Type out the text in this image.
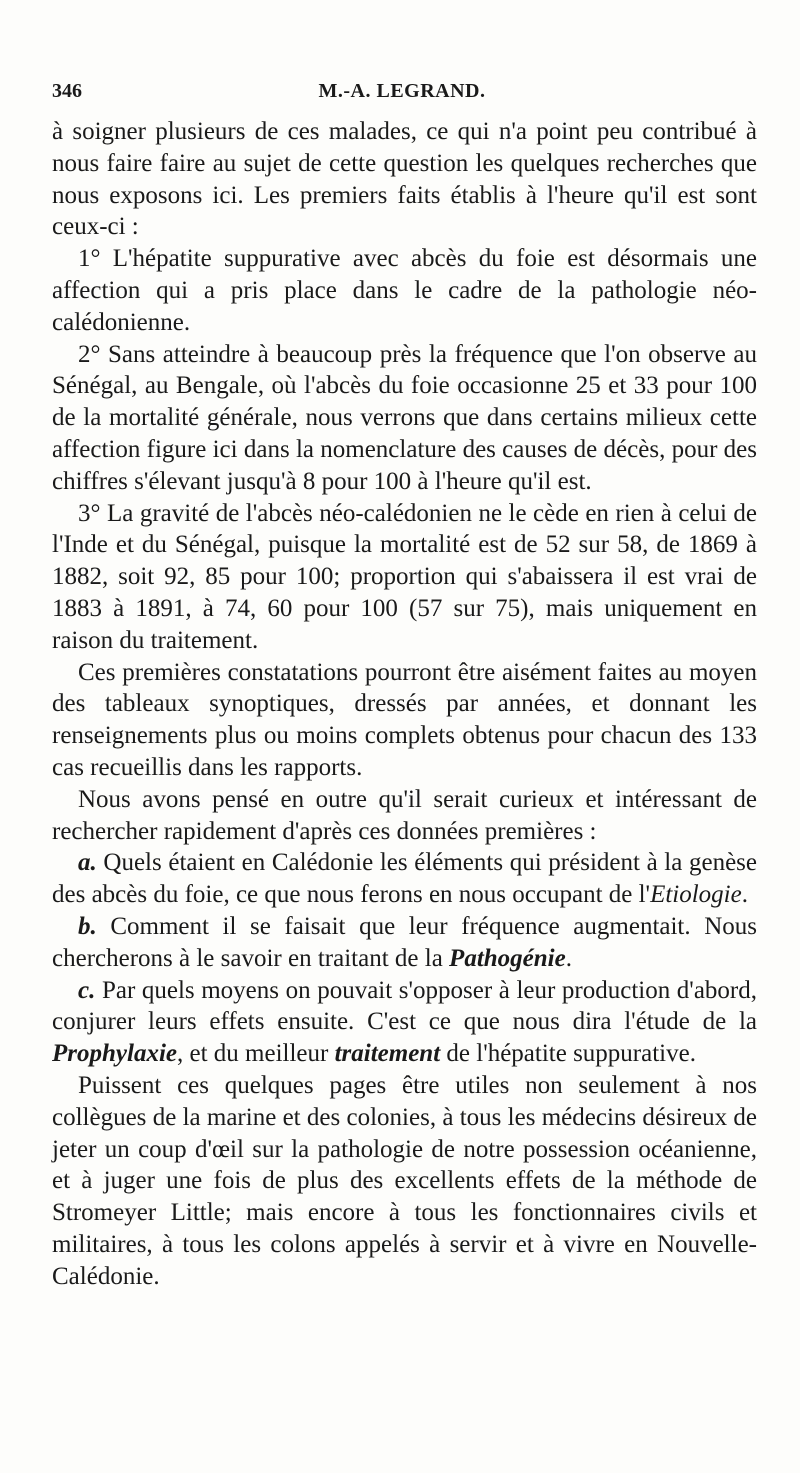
346	M.-A. LEGRAND.

à soigner plusieurs de ces malades, ce qui n'a point peu contribué à nous faire faire au sujet de cette question les quelques recherches que nous exposons ici. Les premiers faits établis à l'heure qu'il est sont ceux-ci :

1° L'hépatite suppurative avec abcès du foie est désormais une affection qui a pris place dans le cadre de la pathologie néo-calédonienne.

2° Sans atteindre à beaucoup près la fréquence que l'on observe au Sénégal, au Bengale, où l'abcès du foie occasionne 25 et 33 pour 100 de la mortalité générale, nous verrons que dans certains milieux cette affection figure ici dans la nomenclature des causes de décès, pour des chiffres s'élevant jusqu'à 8 pour 100 à l'heure qu'il est.

3° La gravité de l'abcès néo-calédonien ne le cède en rien à celui de l'Inde et du Sénégal, puisque la mortalité est de 52 sur 58, de 1869 à 1882, soit 92, 85 pour 100; proportion qui s'abaissera il est vrai de 1883 à 1891, à 74, 60 pour 100 (57 sur 75), mais uniquement en raison du traitement.

Ces premières constatations pourront être aisément faites au moyen des tableaux synoptiques, dressés par années, et donnant les renseignements plus ou moins complets obtenus pour chacun des 133 cas recueillis dans les rapports.

Nous avons pensé en outre qu'il serait curieux et intéressant de rechercher rapidement d'après ces données premières :

a. Quels étaient en Calédonie les éléments qui président à la genèse des abcès du foie, ce que nous ferons en nous occupant de l'Etiologie.

b. Comment il se faisait que leur fréquence augmentait. Nous chercherons à le savoir en traitant de la Pathogénie.

c. Par quels moyens on pouvait s'opposer à leur production d'abord, conjurer leurs effets ensuite. C'est ce que nous dira l'étude de la Prophylaxie, et du meilleur traitement de l'hépatite suppurative.

Puissent ces quelques pages être utiles non seulement à nos collègues de la marine et des colonies, à tous les médecins désireux de jeter un coup d'œil sur la pathologie de notre possession océanienne, et à juger une fois de plus des excellents effets de la méthode de Stromeyer Little; mais encore à tous les fonctionnaires civils et militaires, à tous les colons appelés à servir et à vivre en Nouvelle-Calédonie.
